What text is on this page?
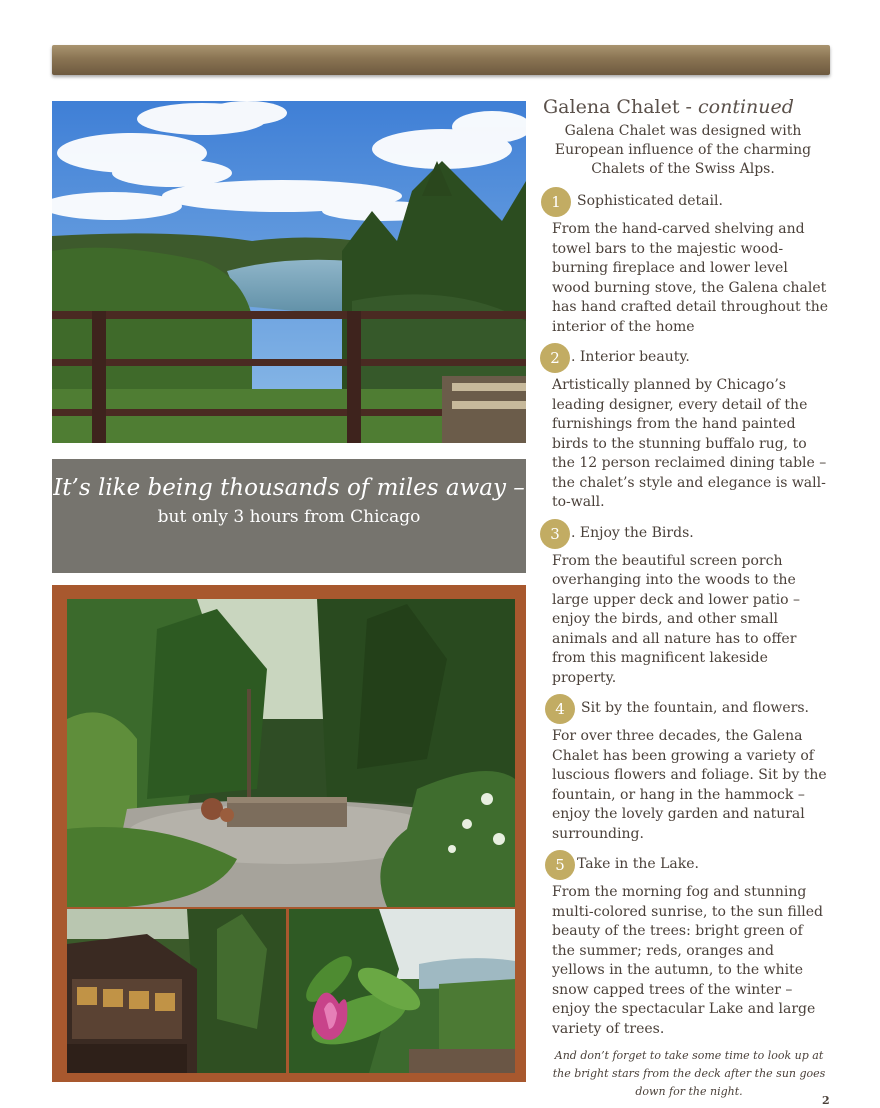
It’s like being thousands of miles away –
but only 3 hours from Chicago
Galena Chalet - continued
Galena Chalet was designed with European influence of the charming Chalets of the Swiss Alps.
1	Sophisticated detail.
From the hand-carved shelving and towel bars to the majestic wood-burning fireplace and lower level wood burning stove, the Galena chalet has hand crafted detail throughout the interior of the home
2 . Interior beauty.
Artistically planned by Chicago’s leading designer, every detail of the furnishings from the hand painted birds to the stunning buffalo rug, to the 12 person reclaimed dining table – the chalet’s style and elegance is wall-to-wall.
3 . Enjoy the Birds.
From the beautiful screen porch overhanging into the woods to the large upper deck and lower patio – enjoy the birds, and other small animals and all nature has to offer from this magnificent lakeside property.
4	Sit by the fountain, and flowers.
For over three decades, the Galena Chalet has been growing a variety of luscious flowers and foliage. Sit by the fountain, or hang in the hammock – enjoy the lovely garden and natural surrounding.
5 Take in the Lake.
From the morning fog and stunning multi-colored sunrise, to the sun filled beauty of the trees: bright green of the summer; reds, oranges and yellows in the autumn, to the white snow capped trees of the winter – enjoy the spectacular Lake and large variety of trees.
And don’t forget to take some time to look up at the bright stars from the deck after the sun goes down for the night.
2
